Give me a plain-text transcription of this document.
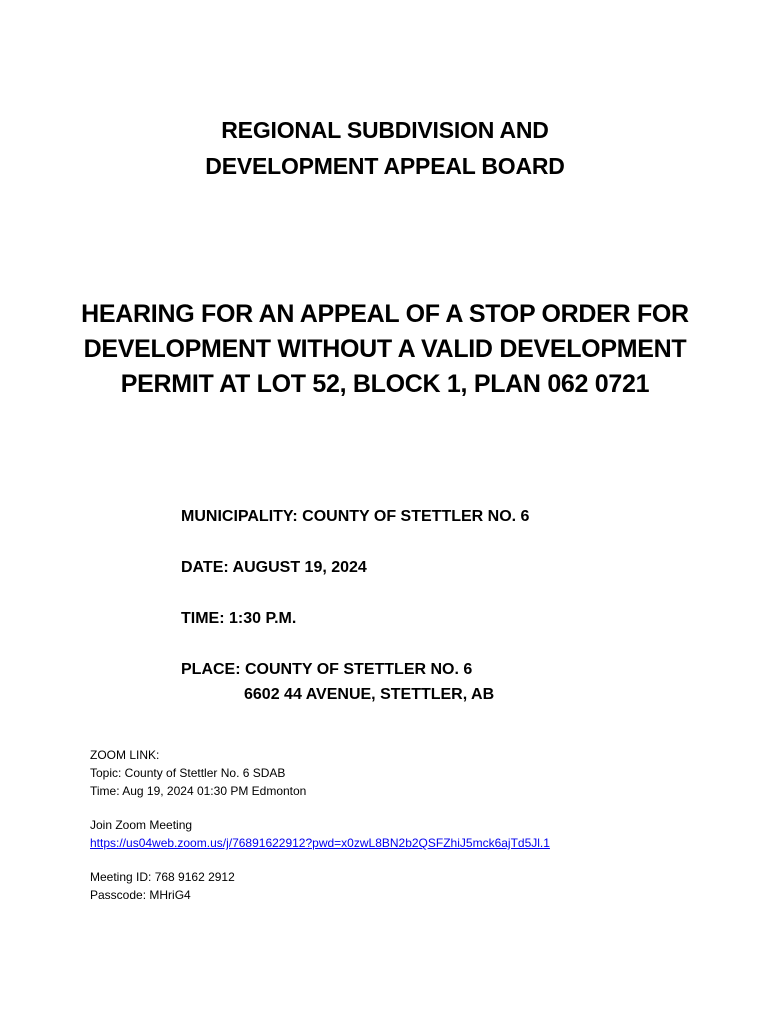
REGIONAL SUBDIVISION AND
DEVELOPMENT APPEAL BOARD
HEARING FOR AN APPEAL OF A STOP ORDER FOR
DEVELOPMENT WITHOUT A VALID DEVELOPMENT
PERMIT AT LOT 52, BLOCK 1, PLAN 062 0721
MUNICIPALITY: COUNTY OF STETTLER NO. 6
DATE: AUGUST 19, 2024
TIME: 1:30 P.M.
PLACE: COUNTY OF STETTLER NO. 6
6602 44 AVENUE, STETTLER, AB
ZOOM LINK:
Topic: County of Stettler No. 6 SDAB
Time: Aug 19, 2024 01:30 PM Edmonton
Join Zoom Meeting
https://us04web.zoom.us/j/76891622912?pwd=x0zwL8BN2b2QSFZhiJ5mck6ajTd5Jl.1
Meeting ID: 768 9162 2912
Passcode: MHriG4
